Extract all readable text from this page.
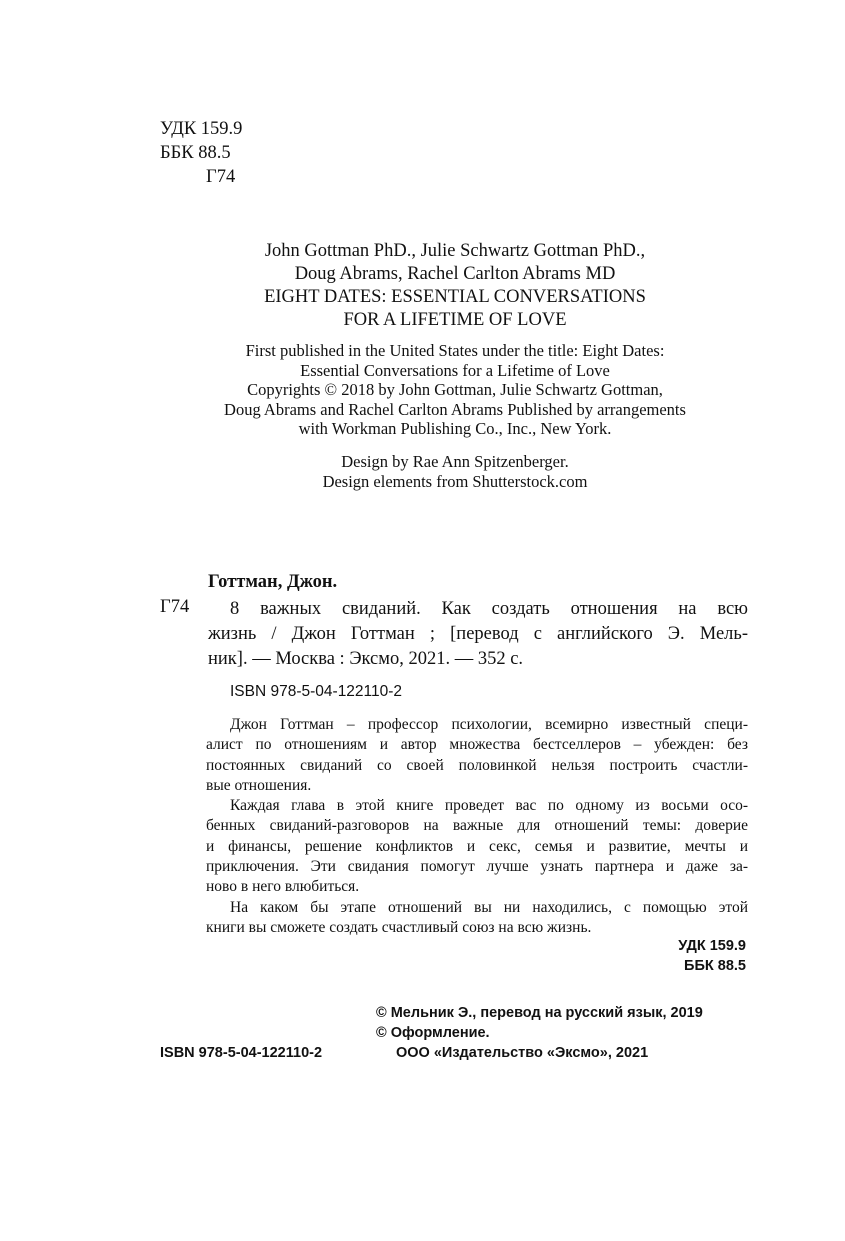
УДК 159.9
ББК 88.5
Г74
John Gottman PhD., Julie Schwartz Gottman PhD.,
Doug Abrams, Rachel Carlton Abrams MD
EIGHT DATES: ESSENTIAL CONVERSATIONS
FOR A LIFETIME OF LOVE
First published in the United States under the title: Eight Dates:
Essential Conversations for a Lifetime of Love
Copyrights © 2018 by John Gottman, Julie Schwartz Gottman,
Doug Abrams and Rachel Carlton Abrams Published by arrangements
with Workman Publishing Co., Inc., New York.
Design by Rae Ann Spitzenberger.
Design elements from Shutterstock.com
Готтман, Джон.
Г74	8 важных свиданий. Как создать отношения на всю
жизнь / Джон Готтман ; [перевод с английского Э. Мель-
ник]. — Москва : Эксмо, 2021. — 352 с.
ISBN 978-5-04-122110-2
Джон Готтман – профессор психологии, всемирно известный специ-
алист по отношениям и автор множества бестселлеров – убежден: без
постоянных свиданий со своей половинкой нельзя построить счастли-
вые отношения.
Каждая глава в этой книге проведет вас по одному из восьми осо-
бенных свиданий-разговоров на важные для отношений темы: доверие
и финансы, решение конфликтов и секс, семья и развитие, мечты и
приключения. Эти свидания помогут лучше узнать партнера и даже за-
ново в него влюбиться.
На каком бы этапе отношений вы ни находились, с помощью этой
книги вы сможете создать счастливый союз на всю жизнь.
УДК 159.9
ББК 88.5
© Мельник Э., перевод на русский язык, 2019
© Оформление.
ISBN 978-5-04-122110-2	ООО «Издательство «Эксмо», 2021
